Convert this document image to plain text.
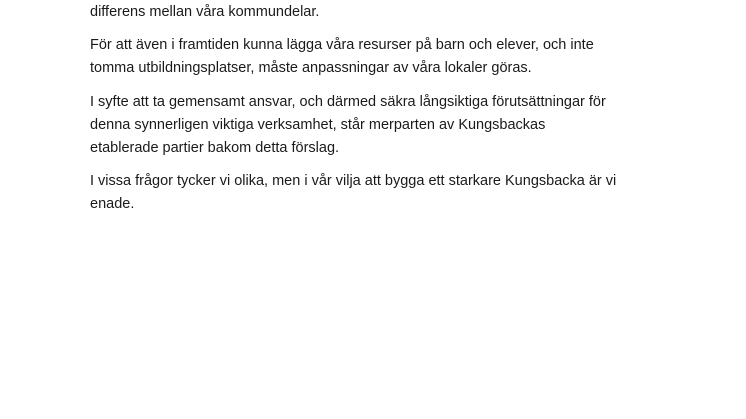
differens mellan våra kommundelar.

För att även i framtiden kunna lägga våra resurser på barn och elever, och inte
tomma utbildningsplatser, måste anpassningar av våra lokaler göras.

I syfte att ta gemensamt ansvar, och därmed säkra långsiktiga förutsättningar för
denna synnerligen viktiga verksamhet, står merparten av Kungsbackas
etablerade partier bakom detta förslag.

I vissa frågor tycker vi olika, men i vår vilja att bygga ett starkare Kungsbacka är vi
enade.
